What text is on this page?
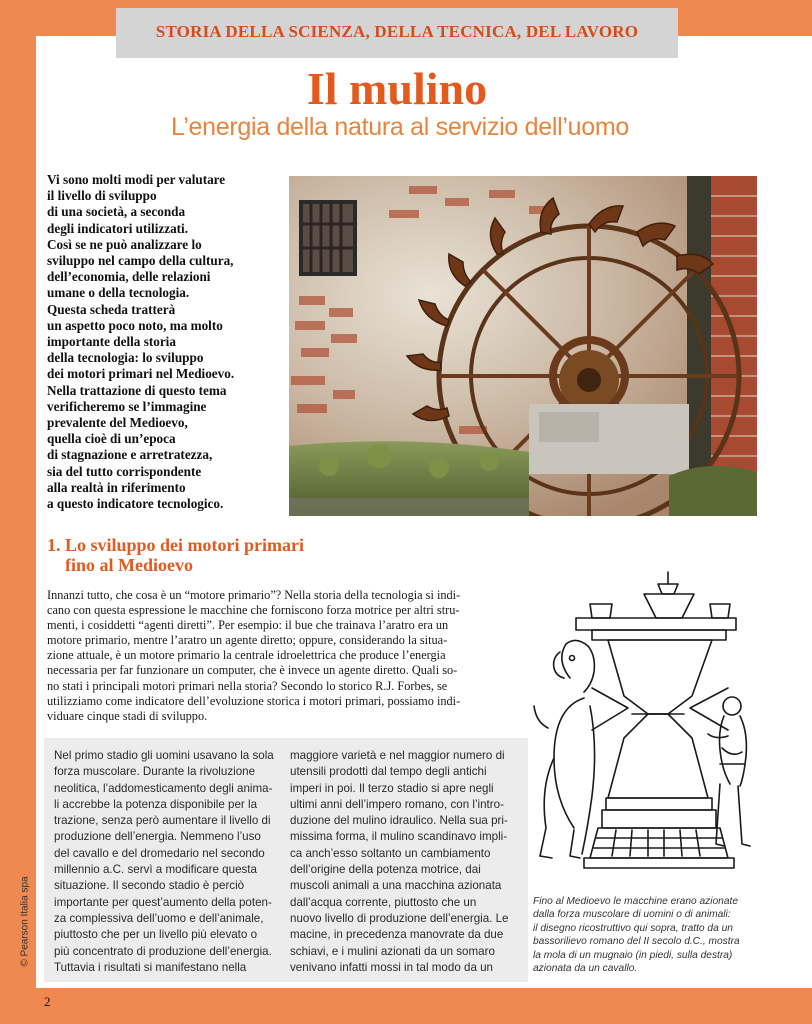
STORIA DELLA SCIENZA, DELLA TECNICA, DEL LAVORO
Il mulino
L’energia della natura al servizio dell’uomo
Vi sono molti modi per valutare
il livello di sviluppo
di una società, a seconda
degli indicatori utilizzati.
Così se ne può analizzare lo
sviluppo nel campo della cultura,
dell’economia, delle relazioni
umane o della tecnologia.
Questa scheda tratterà
un aspetto poco noto, ma molto
importante della storia
della tecnologia: lo sviluppo
dei motori primari nel Medioevo.
Nella trattazione di questo tema
verificheremo se l’immagine
prevalente del Medioevo,
quella cioè di un’epoca
di stagnazione e arretratezza,
sia del tutto corrispondente
alla realtà in riferimento
a questo indicatore tecnologico.
1. Lo sviluppo dei motori primari
fino al Medioevo
Innanzi tutto, che cosa è un “motore primario”? Nella storia della tecnologia si indi-
cano con questa espressione le macchine che forniscono forza motrice per altri stru-
menti, i cosiddetti “agenti diretti”. Per esempio: il bue che trainava l’aratro era un
motore primario, mentre l’aratro un agente diretto; oppure, considerando la situa-
zione attuale, è un motore primario la centrale idroelettrica che produce l’energia
necessaria per far funzionare un computer, che è invece un agente diretto. Quali so-
no stati i principali motori primari nella storia? Secondo lo storico R.J. Forbes, se
utilizziamo come indicatore dell’evoluzione storica i motori primari, possiamo indi-
viduare cinque stadi di sviluppo.
Nel primo stadio gli uomini usavano la sola
forza muscolare. Durante la rivoluzione
neolitica, l’addomesticamento degli anima-
li accrebbe la potenza disponibile per la
trazione, senza però aumentare il livello di
produzione dell’energia. Nemmeno l’uso
del cavallo e del dromedario nel secondo
millennio a.C. servì a modificare questa
situazione. Il secondo stadio è perciò
importante per quest’aumento della poten-
za complessiva dell’uomo e dell’animale,
piuttosto che per un livello più elevato o
più concentrato di produzione dell’energia.
Tuttavia i risultati si manifestano nella
maggiore varietà e nel maggior numero di
utensili prodotti dal tempo degli antichi
imperi in poi. Il terzo stadio si apre negli
ultimi anni dell’impero romano, con l’intro-
duzione del mulino idraulico. Nella sua pri-
missima forma, il mulino scandinavo impli-
ca anch’esso soltanto un cambiamento
dell’origine della potenza motrice, dai
muscoli animali a una macchina azionata
dall’acqua corrente, piuttosto che un
nuovo livello di produzione dell’energia. Le
macine, in precedenza manovrate da due
schiavi, e i mulini azionati da un somaro
venivano infatti mossi in tal modo da un
Fino al Medioevo le macchine erano azionate
dalla forza muscolare di uomini o di animali:
il disegno ricostruttivo qui sopra, tratto da un
bassorilievo romano del II secolo d.C., mostra
la mola di un mugnaio (in piedi, sulla destra)
azionata da un cavallo.
© Pearson Italia spa
2
